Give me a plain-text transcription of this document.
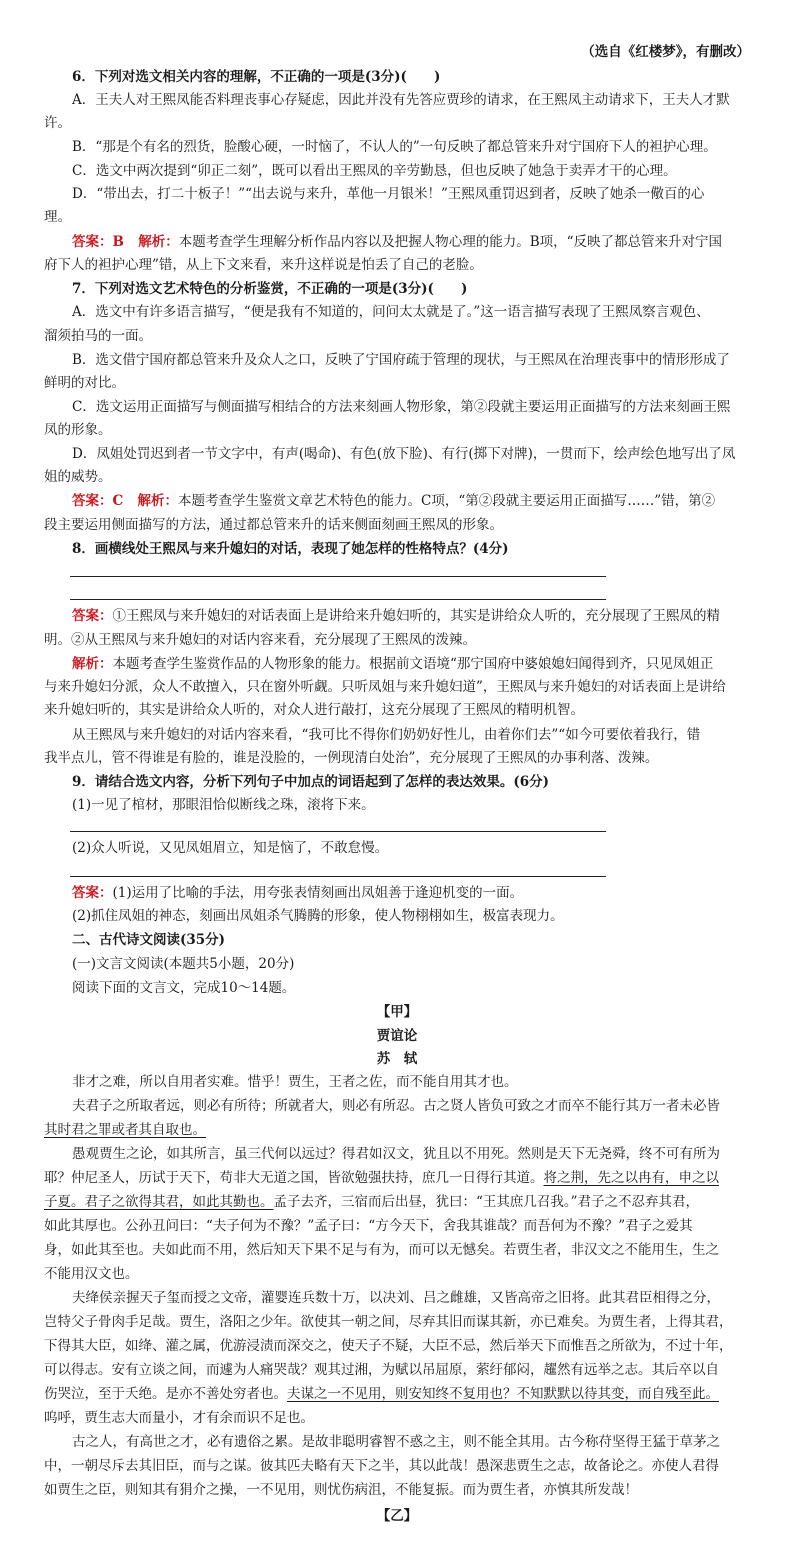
（选自《红楼梦》，有删改）
6．下列对选文相关内容的理解，不正确的一项是(3分)(　　)
A．王夫人对王熙凤能否料理丧事心存疑虑，因此并没有先答应贾珍的请求，在王熙凤主动请求下，王夫人才默
许。
B．“那是个有名的烈货，脸酸心硬，一时恼了，不认人的”一句反映了都总管来升对宁国府下人的袒护心理。
C．选文中两次提到“卯正二刻”，既可以看出王熙凤的辛劳勤恳，但也反映了她急于卖弄才干的心理。
D．“带出去，打二十板子！”“出去说与来升，革他一月银米！”王熙凤重罚迟到者，反映了她杀一儆百的心
理。
答案：B 解析：本题考查学生理解分析作品内容以及把握人物心理的能力。B项，“反映了都总管来升对宁国
府下人的袒护心理”错，从上下文来看，来升这样说是怕丢了自己的老脸。
7．下列对选文艺术特色的分析鉴赏，不正确的一项是(3分)(　　)
A．选文中有许多语言描写，“便是我有不知道的，问问太太就是了。”这一语言描写表现了王熙凤察言观色、
溜须拍马的一面。
B．选文借宁国府都总管来升及众人之口，反映了宁国府疏于管理的现状，与王熙凤在治理丧事中的情形形成了
鲜明的对比。
C．选文运用正面描写与侧面描写相结合的方法来刻画人物形象，第②段就主要运用正面描写的方法来刻画王熙
凤的形象。
D．凤姐处罚迟到者一节文字中，有声(喝命)、有色(放下脸)、有行(掷下对牌)，一贯而下，绘声绘色地写出了凤
姐的威势。
答案：C 解析：本题考查学生鉴赏文章艺术特色的能力。C项，“第②段就主要运用正面描写……”错，第②
段主要运用侧面描写的方法，通过都总管来升的话来侧面刻画王熙凤的形象。
8．画横线处王熙凤与来升媳妇的对话，表现了她怎样的性格特点？(4分)
答案：①王熙凤与来升媳妇的对话表面上是讲给来升媳妇听的，其实是讲给众人听的，充分展现了王熙凤的精
明。②从王熙凤与来升媳妇的对话内容来看，充分展现了王熙凤的泼辣。
解析：本题考查学生鉴赏作品的人物形象的能力。根据前文语境“那宁国府中婆娘媳妇闻得到齐，只见凤姐正
与来升媳妇分派，众人不敢擅入，只在窗外听觑。只听凤姐与来升媳妇道”，王熙凤与来升媳妇的对话表面上是讲给
来升媳妇听的，其实是讲给众人听的，对众人进行敲打，这充分展现了王熙凤的精明机智。
从王熙凤与来升媳妇的对话内容来看，“我可比不得你们奶奶好性儿，由着你们去”“如今可要依着我行，错
我半点儿，管不得谁是有脸的，谁是没脸的，一例现清白处治”，充分展现了王熙凤的办事利落、泼辣。
9．请结合选文内容，分析下列句子中加点的词语起到了怎样的表达效果。(6分)
(1)一见了棺材，那眼泪恰似断线之珠，滚将下来。
(2)众人听说，又见凤姐眉立，知是恼了，不敢怠慢。
答案：(1)运用了比喻的手法，用夸张表情刻画出凤姐善于逢迎机变的一面。
(2)抓住凤姐的神态，刻画出凤姐杀气腾腾的形象，使人物栩栩如生，极富表现力。
二、古代诗文阅读(35分)
(一)文言文阅读(本题共5小题，20分)
阅读下面的文言文，完成10～14题。
【甲】
贾谊论
苏　轼
非才之难，所以自用者实难。惜乎！贾生，王者之佐，而不能自用其才也。
夫君子之所取者远，则必有所待；所就者大，则必有所忍。古之贤人皆负可致之才而卒不能行其万一者未必皆
其时君之罪或者其自取也。
愚观贾生之论，如其所言，虽三代何以远过？得君如汉文，犹且以不用死。然则是天下无尧舜，终不可有所为
耶？仲尼圣人，历试于天下，苟非大无道之国，皆欲勉强扶持，庶几一日得行其道。将之荆，先之以冉有，申之以
子夏。君子之欲得其君，如此其勤也。孟子去齐，三宿而后出昼，犹曰：“王其庶几召我。”君子之不忍弃其君，
如此其厚也。公孙丑问曰：“夫子何为不豫？”孟子曰：“方今天下，舍我其谁哉？而吾何为不豫？”君子之爱其
身，如此其至也。夫如此而不用，然后知天下果不足与有为，而可以无憾矣。若贾生者，非汉文之不能用生，生之
不能用汉文也。
夫绛侯亲握天子玺而授之文帝，灌婴连兵数十万，以决刘、吕之雌雄，又皆高帝之旧将。此其君臣相得之分，
岂特父子骨肉手足哉。贾生，洛阳之少年。欲使其一朝之间，尽弃其旧而谋其新，亦已难矣。为贾生者，上得其君，
下得其大臣，如绛、灌之属，优游浸渍而深交之，使天子不疑，大臣不忌，然后举天下而惟吾之所欲为，不过十年，
可以得志。安有立谈之间，而遽为人痛哭哉？观其过湘，为赋以吊屈原，萦纡郁闷，趯然有远举之志。其后卒以自
伤哭泣，至于夭绝。是亦不善处穷者也。夫谋之一不见用，则安知终不复用也？不知默默以待其变，而自残至此。
呜呼，贾生志大而量小，才有余而识不足也。
古之人，有高世之才，必有遗俗之累。是故非聪明睿智不惑之主，则不能全其用。古今称苻坚得王猛于草茅之
中，一朝尽斥去其旧臣，而与之谋。彼其匹夫略有天下之半，其以此哉！愚深悲贾生之志，故备论之。亦使人君得
如贾生之臣，则知其有狷介之操，一不见用，则忧伤病沮，不能复振。而为贾生者，亦慎其所发哉！
【乙】
